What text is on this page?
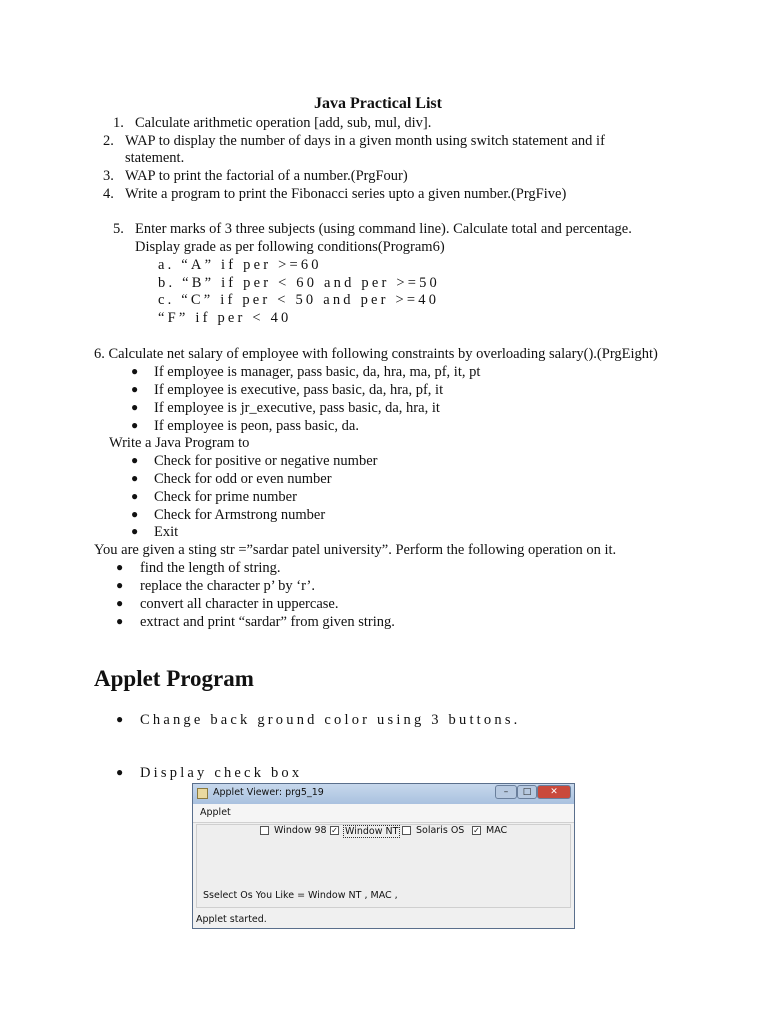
Java Practical List
1. Calculate arithmetic operation [add, sub, mul, div].
2. WAP to display the number of days in a given month using switch statement and if
statement.
3. WAP to print the factorial of a number.(PrgFour)
4. Write a program to print the Fibonacci series upto a given number.(PrgFive)
5. Enter marks of 3 three subjects (using command line). Calculate total and percentage.
Display grade as per following conditions(Program6)
a. “A” if per >=60
b. “B” if per < 60 and per >=50
c. “C” if per < 50 and per >=40
“F” if per < 40
6. Calculate net salary of employee with following constraints by overloading salary().(PrgEight)
● If employee is manager, pass basic, da, hra, ma, pf, it, pt
● If employee is executive, pass basic, da, hra, pf, it
● If employee is jr_executive, pass basic, da, hra, it
● If employee is peon, pass basic, da.
Write a Java Program to
● Check for positive or negative number
● Check for odd or even number
● Check for prime number
● Check for Armstrong number
● Exit
You are given a sting str =”sardar patel university”. Perform the following operation on it.
● find the length of string.
● replace the character p’ by ‘r’.
● convert all character in uppercase.
● extract and print “sardar” from given string.
Applet Program
● Change back ground color using 3 buttons.
● Display check box
Applet Viewer: prg5_19	–	□	✕
Applet
Window 98 ✓ Window NT Solaris OS ✓ MAC
Sselect Os You Like = Window NT , MAC ,
Applet started.
